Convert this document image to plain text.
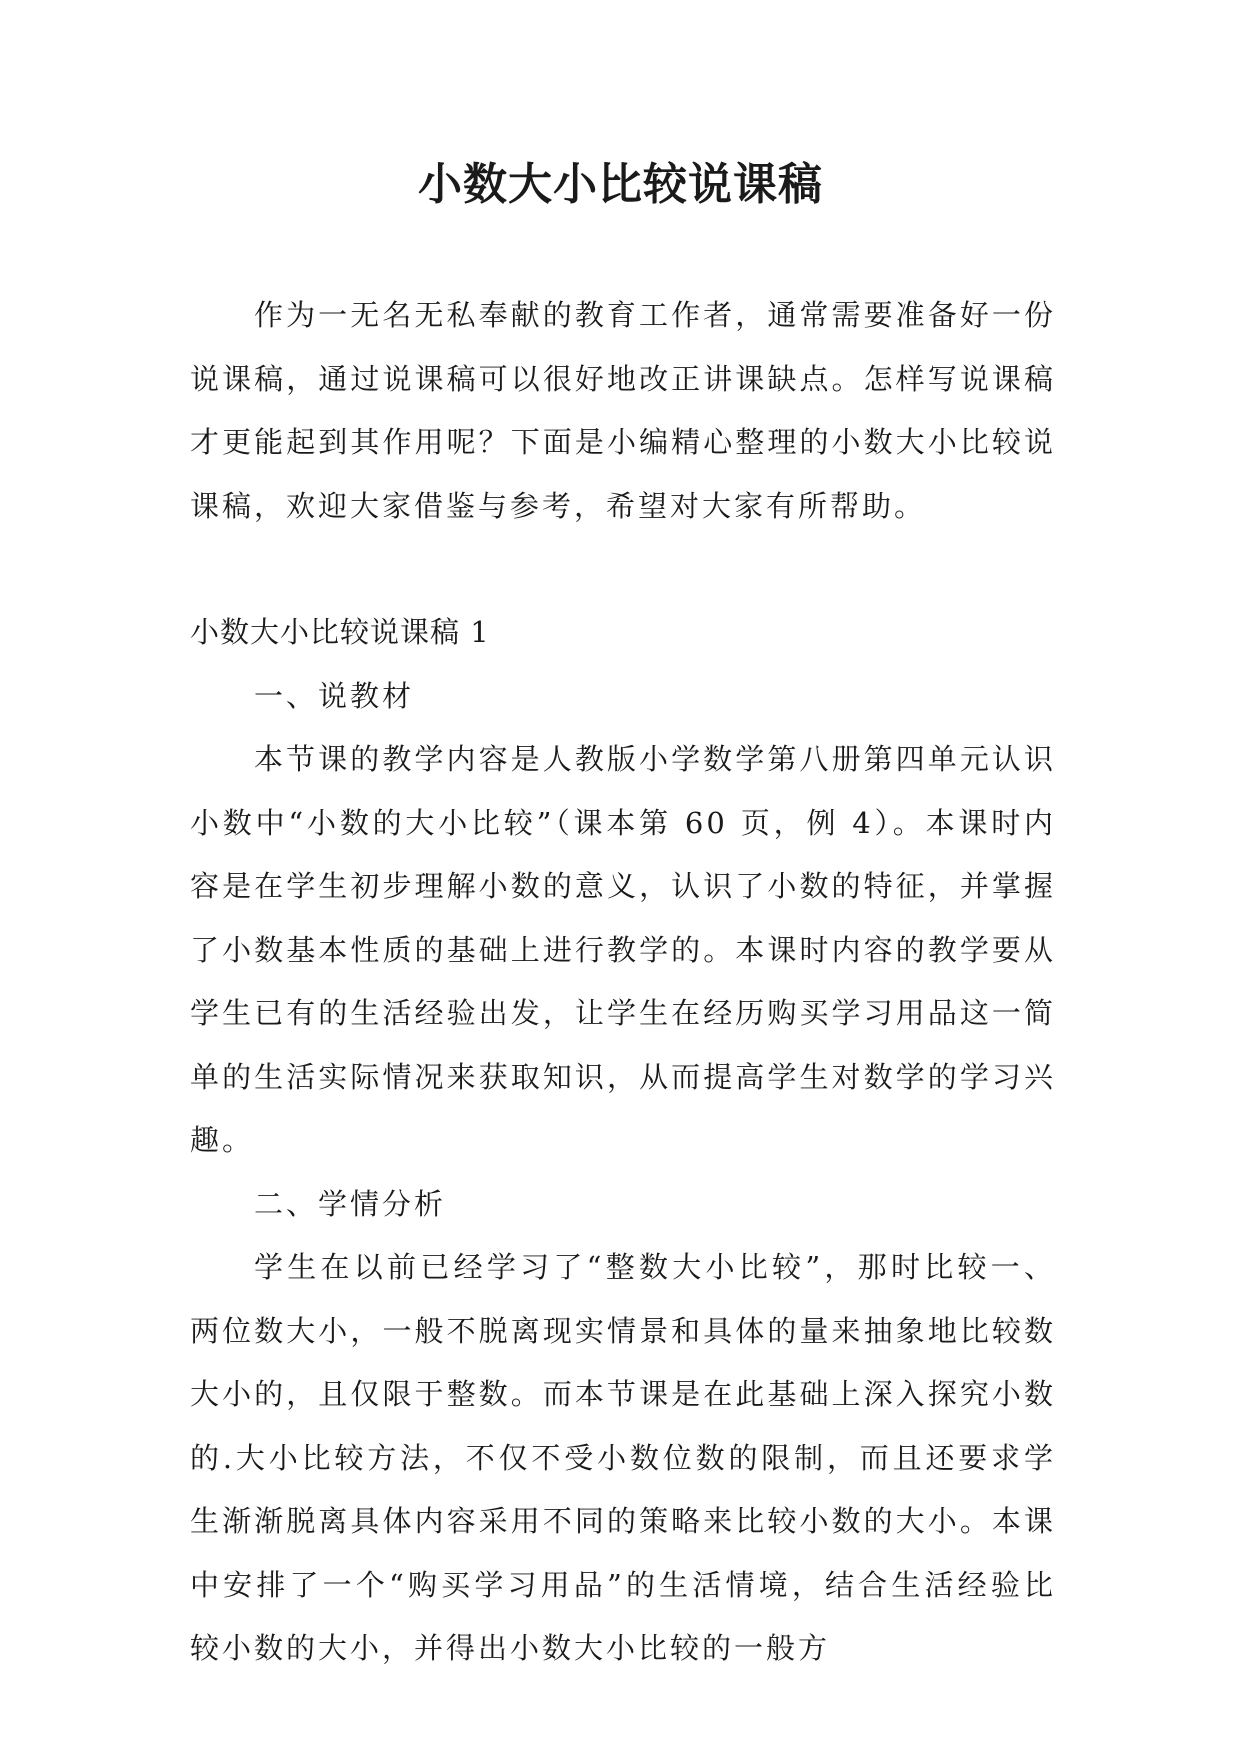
小数大小比较说课稿

作为一无名无私奉献的教育工作者，通常需要准备好一份说课稿，通过说课稿可以很好地改正讲课缺点。怎样写说课稿才更能起到其作用呢？下面是小编精心整理的小数大小比较说课稿，欢迎大家借鉴与参考，希望对大家有所帮助。

小数大小比较说课稿 1

一、说教材

本节课的教学内容是人教版小学数学第八册第四单元认识小数中“小数的大小比较”（课本第 60 页，例 4）。本课时内容是在学生初步理解小数的意义，认识了小数的特征，并掌握了小数基本性质的基础上进行教学的。本课时内容的教学要从学生已有的生活经验出发，让学生在经历购买学习用品这一简单的生活实际情况来获取知识，从而提高学生对数学的学习兴趣。

二、学情分析

学生在以前已经学习了“整数大小比较”，那时比较一、两位数大小，一般不脱离现实情景和具体的量来抽象地比较数大小的，且仅限于整数。而本节课是在此基础上深入探究小数的.大小比较方法，不仅不受小数位数的限制，而且还要求学生渐渐脱离具体内容采用不同的策略来比较小数的大小。本课中安排了一个“购买学习用品”的生活情境，结合生活经验比较小数的大小，并得出小数大小比较的一般方
